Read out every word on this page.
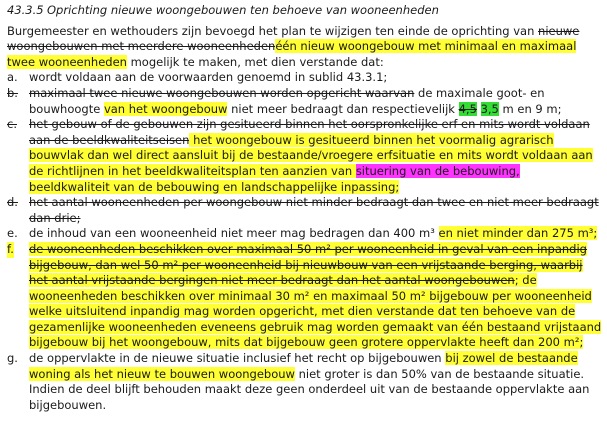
43.3.5 Oprichting nieuwe woongebouwen ten behoeve van wooneenheden

Burgemeester en wethouders zijn bevoegd het plan te wijzigen ten einde de oprichting van nieuwe woongebouwen met meerdere wooneenhedenéén nieuw woongebouw met minimaal en maximaal twee wooneenheden mogelijk te maken, met dien verstande dat:

a. wordt voldaan aan de voorwaarden genoemd in sublid 43.3.1;
b. maximaal twee nieuwe woongebouwen worden opgericht waarvan de maximale goot- en bouwhoogte van het woongebouw niet meer bedraagt dan respectievelijk 4,5 3,5 m en 9 m;
c. het gebouw of de gebouwen zijn gesitueerd binnen het oorspronkelijke erf en mits wordt voldaan aan de beeldkwaliteitseisen het woongebouw is gesitueerd binnen het voormalig agrarisch bouwvlak dan wel direct aansluit bij de bestaande/vroegere erfsituatie en mits wordt voldaan aan de richtlijnen in het beeldkwaliteitsplan ten aanzien van situering van de bebouwing, beeldkwaliteit van de bebouwing en landschappelijke inpassing;
d. het aantal wooneenheden per woongebouw niet minder bedraagt dan twee en niet meer bedraagt dan drie;
e. de inhoud van een wooneenheid niet meer mag bedragen dan 400 m³ en niet minder dan 275 m³;
f. de wooneenheden beschikken over maximaal 50 m² per wooneenheid in geval van een inpandig bijgebouw, dan wel 50 m² per wooneenheid bij nieuwbouw van een vrijstaande berging, waarbij het aantal vrijstaande bergingen niet meer bedraagt dan het aantal woongebouwen; de wooneenheden beschikken over minimaal 30 m² en maximaal 50 m² bijgebouw per wooneenheid welke uitsluitend inpandig mag worden opgericht, met dien verstande dat ten behoeve van de gezamenlijke wooneenheden eveneens gebruik mag worden gemaakt van één bestaand vrijstaand bijgebouw bij het woongebouw, mits dat bijgebouw geen grotere oppervlakte heeft dan 200 m²;
g. de oppervlakte in de nieuwe situatie inclusief het recht op bijgebouwen bij zowel de bestaande woning als het nieuw te bouwen woongebouw niet groter is dan 50% van de bestaande situatie. Indien de deel blijft behouden maakt deze geen onderdeel uit van de bestaande oppervlakte aan bijgebouwen.
